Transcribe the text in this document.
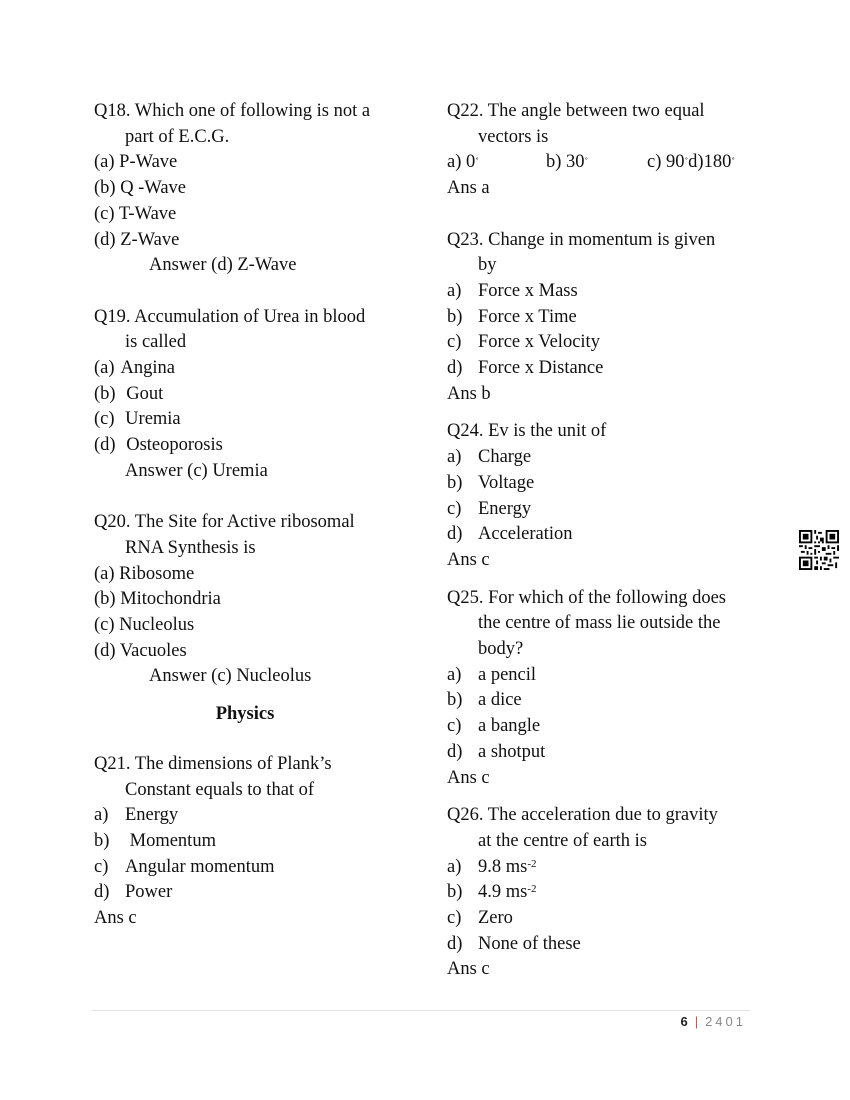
Q18. Which one of following is not a

part of E.C.G.

(a) P-Wave

(b) Q -Wave

(c) T-Wave

(d) Z-Wave

Answer (d) Z-Wave

Q19. Accumulation of Urea in blood

is called

(a) Angina

(b) Gout

(c) Uremia

(d) Osteoporosis

Answer (c) Uremia

Q20. The Site for Active ribosomal

RNA Synthesis is

(a) Ribosome

(b) Mitochondria

(c) Nucleolus

(d) Vacuoles

Answer (c) Nucleolus

Physics

Q21. The dimensions of Plank’s

Constant equals to that of

a) Energy

b) Momentum

c) Angular momentum

d) Power

Ans c

Q22. The angle between two equal

vectors is

a) 0˚	b) 30˚	c) 90˚d)180˚

Ans a

Q23. Change in momentum is given

by

a) Force x Mass

b) Force x Time

c) Force x Velocity

d) Force x Distance

Ans b

Q24. Ev is the unit of

a) Charge

b) Voltage

c) Energy

d) Acceleration

Ans c

Q25. For which of the following does

the centre of mass lie outside the

body?

a) a pencil

b) a dice

c) a bangle

d) a shotput

Ans c

Q26. The acceleration due to gravity

at the centre of earth is

a) 9.8 $ms^{-2}$

b) 4.9 $ms^{-2}$

c) Zero

d) None of these

Ans c

6 | 2401
